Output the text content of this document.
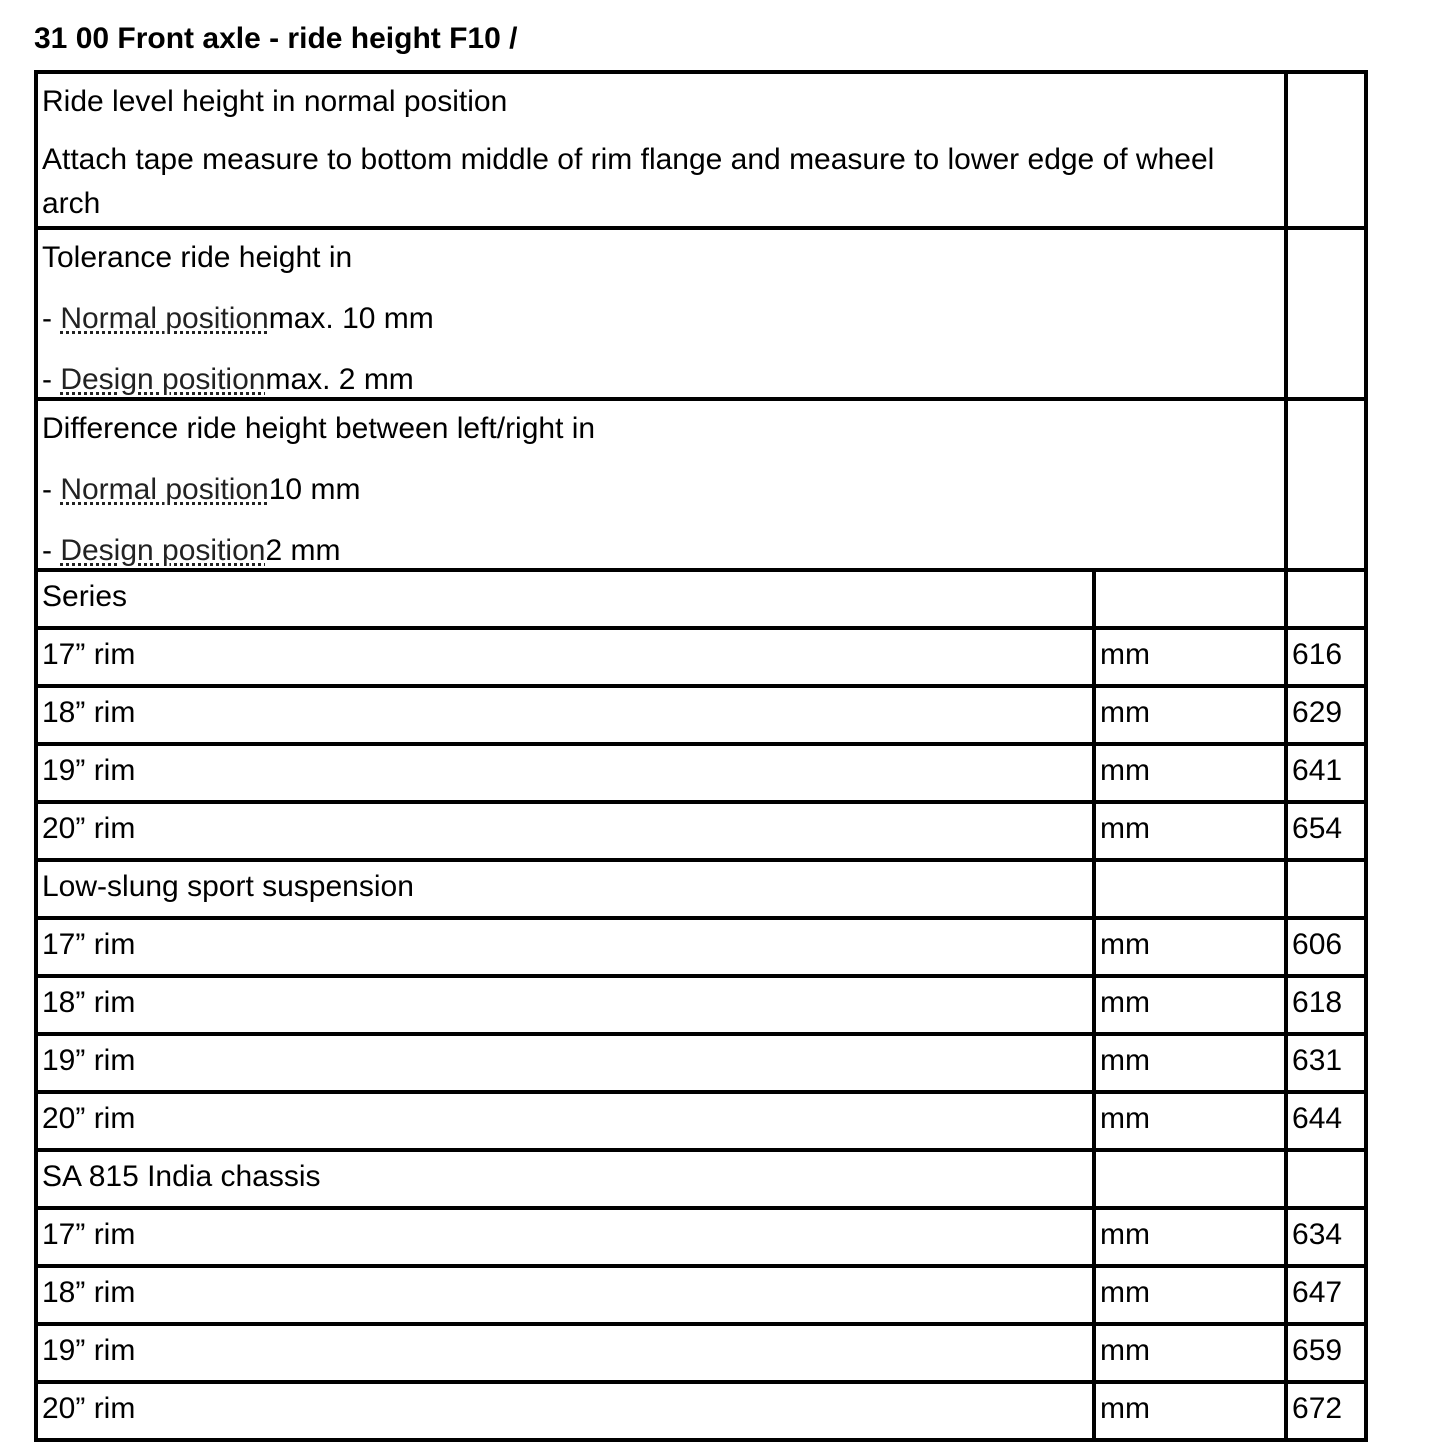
31 00 Front axle - ride height F10 /

Ride level height in normal position

Attach tape measure to bottom middle of rim flange and measure to lower edge of wheel arch		

Tolerance ride height in

- Normal positionmax. 10 mm

- Design positionmax. 2 mm		

Difference ride height between left/right in

- Normal position10 mm

- Design position2 mm		

Series		
17” rim	mm	616
18” rim	mm	629
19” rim	mm	641
20” rim	mm	654
Low-slung sport suspension		
17” rim	mm	606
18” rim	mm	618
19” rim	mm	631
20” rim	mm	644
SA 815 India chassis		
17” rim	mm	634
18” rim	mm	647
19” rim	mm	659
20” rim	mm	672
